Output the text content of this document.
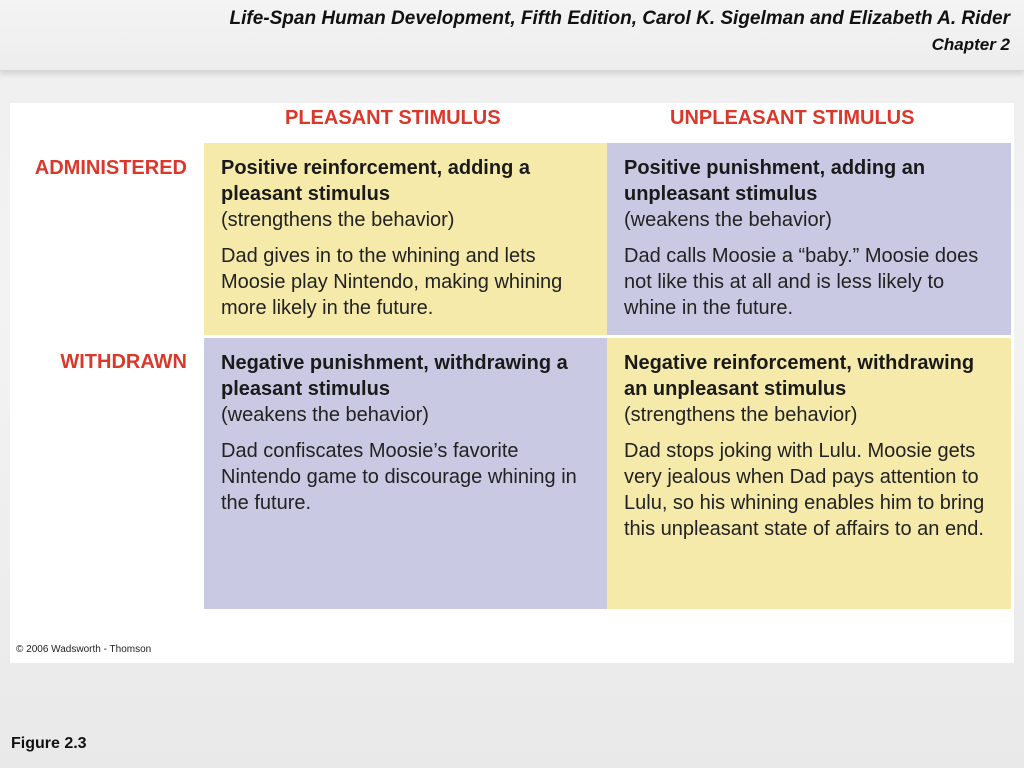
Life-Span Human Development, Fifth Edition, Carol K. Sigelman and Elizabeth A. Rider
Chapter 2
PLEASANT STIMULUS	UNPLEASANT STIMULUS
ADMINISTERED
WITHDRAWN
Positive reinforcement, adding a pleasant stimulus
(strengthens the behavior)
Dad gives in to the whining and lets Moosie play Nintendo, making whining more likely in the future.
Positive punishment, adding an unpleasant stimulus
(weakens the behavior)
Dad calls Moosie a “baby.” Moosie does not like this at all and is less likely to whine in the future.
Negative punishment, withdrawing a pleasant stimulus
(weakens the behavior)
Dad confiscates Moosie’s favorite Nintendo game to discourage whining in the future.
Negative reinforcement, withdrawing an unpleasant stimulus
(strengthens the behavior)
Dad stops joking with Lulu. Moosie gets very jealous when Dad pays attention to Lulu, so his whining enables him to bring this unpleasant state of affairs to an end.
© 2006 Wadsworth - Thomson
Figure 2.3
